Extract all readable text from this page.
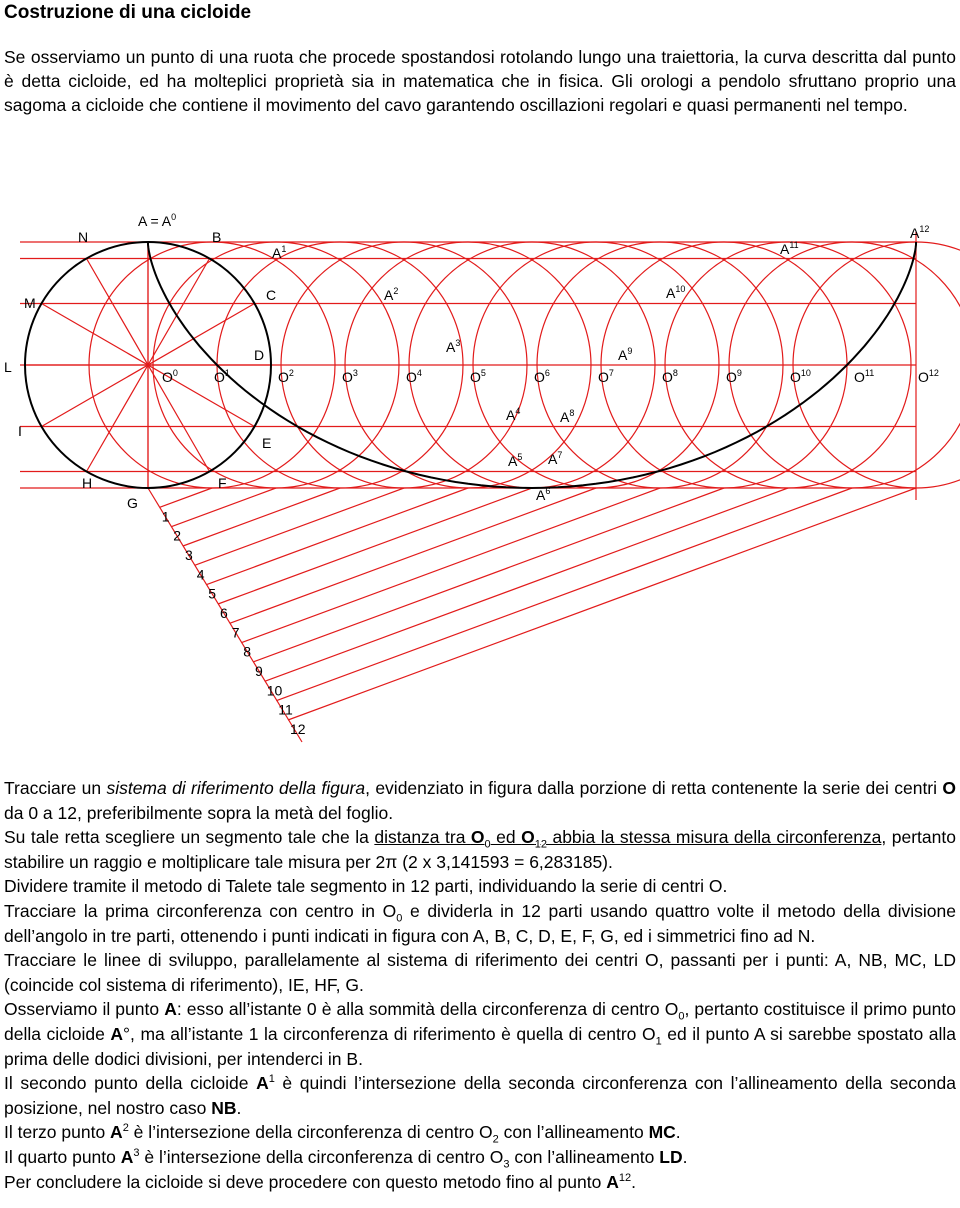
Costruzione di una cicloide

Se osserviamo un punto di una ruota che procede spostandosi rotolando lungo una traiettoria, la curva descritta dal punto è detta cicloide, ed ha molteplici proprietà sia in matematica che in fisica. Gli orologi a pendolo sfruttano proprio una sagoma a cicloide che contiene il movimento del cavo garantendo oscillazioni regolari e quasi permanenti nel tempo.

N
M
L
I
H
G
F
E
D
C
B
$A = A^0$
$O^0$	$O^1$	$O^2$	$O^3$	$O^4$	$O^5$	$O^6$	$O^7$	$O^8$	$O^9$	$O^{10}$	$O^{11}$	$O^{12}$
$A^1$
$A^2$
$A^3$
$A^4$
$A^5$
$A^6$
$A^7$
$A^8$
$A^9$
$A^{10}$
$A^{11}$
$A^{12}$
1
2
3
4
5
6
7
8
9
10
11
12

Tracciare un sistema di riferimento della figura, evidenziato in figura dalla porzione di retta contenente la serie dei centri O da 0 a 12, preferibilmente sopra la metà del foglio.

Su tale retta scegliere un segmento tale che la distanza tra $O_0$ ed $O_{12}$ abbia la stessa misura della circonferenza, pertanto stabilire un raggio e moltiplicare tale misura per 2π (2 x 3,141593 = 6,283185).

Dividere tramite il metodo di Talete tale segmento in 12 parti, individuando la serie di centri O.

Tracciare la prima circonferenza con centro in $O_0$ e dividerla in 12 parti usando quattro volte il metodo della divisione dell’angolo in tre parti, ottenendo i punti indicati in figura con A, B, C, D, E, F, G, ed i simmetrici fino ad N.

Tracciare le linee di sviluppo, parallelamente al sistema di riferimento dei centri O, passanti per i punti: A, NB, MC, LD (coincide col sistema di riferimento), IE, HF, G.

Osserviamo il punto A: esso all’istante 0 è alla sommità della circonferenza di centro $O_0$, pertanto costituisce il primo punto della cicloide A°, ma all’istante 1 la circonferenza di riferimento è quella di centro $O_1$ ed il punto A si sarebbe spostato alla prima delle dodici divisioni, per intenderci in B.

Il secondo punto della cicloide $A^1$ è quindi l’intersezione della seconda circonferenza con l’allineamento della seconda posizione, nel nostro caso NB.

Il terzo punto $A^2$ è l’intersezione della circonferenza di centro $O_2$ con l’allineamento MC.

Il quarto punto $A^3$ è l’intersezione della circonferenza di centro $O_3$ con l’allineamento LD.

Per concludere la cicloide si deve procedere con questo metodo fino al punto $A^{12}$.
